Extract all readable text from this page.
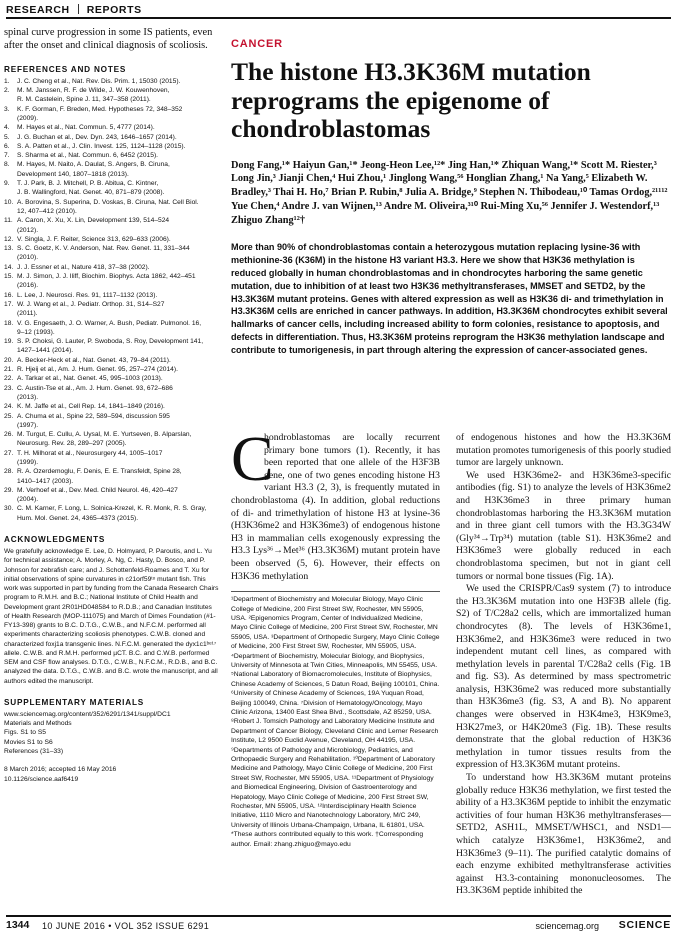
RESEARCH REPORTS

spinal curve progression in some IS patients, even after the onset and clinical diagnosis of scoliosis.

REFERENCES AND NOTES
1.	J. C. Cheng et al., Nat. Rev. Dis. Prim. 1, 15030 (2015).
2.	M. M. Janssen, R. F. de Wilde, J. W. Kouwenhoven,
R. M. Castelein, Spine J. 11, 347–358 (2011).
3.	K. F. Gorman, F. Breden, Med. Hypotheses 72, 348–352
(2009).
4.	M. Hayes et al., Nat. Commun. 5, 4777 (2014).
5.	J. G. Buchan et al., Dev. Dyn. 243, 1646–1657 (2014).
6.	S. A. Patten et al., J. Clin. Invest. 125, 1124–1128 (2015).
7.	S. Sharma et al., Nat. Commun. 6, 6452 (2015).
8.	M. Hayes, M. Naito, A. Daulat, S. Angers, B. Ciruna,
Development 140, 1807–1818 (2013).
9.	T. J. Park, B. J. Mitchell, P. B. Abitua, C. Kintner,
J. B. Wallingford, Nat. Genet. 40, 871–879 (2008).
10. A. Borovina, S. Superina, D. Voskas, B. Ciruna, Nat. Cell Biol.
12, 407–412 (2010).
11. A. Caron, X. Xu, X. Lin, Development 139, 514–524
(2012).
12. V. Singla, J. F. Reiter, Science 313, 629–633 (2006).
13. S. C. Goetz, K. V. Anderson, Nat. Rev. Genet. 11, 331–344
(2010).
14. J. J. Essner et al., Nature 418, 37–38 (2002).
15. M. J. Simon, J. J. Iliff, Biochim. Biophys. Acta 1862, 442–451
(2016).
16. L. Lee, J. Neurosci. Res. 91, 1117–1132 (2013).
17. W. J. Wang et al., J. Pediatr. Orthop. 31, S14–S27
(2011).
18. V. G. Engesaeth, J. O. Warner, A. Bush, Pediatr. Pulmonol. 16,
9–12 (1993).
19. S. P. Choksi, G. Lauter, P. Swoboda, S. Roy, Development 141,
1427–1441 (2014).
20. A. Becker-Heck et al., Nat. Genet. 43, 79–84 (2011).
21. R. Hjeij et al., Am. J. Hum. Genet. 95, 257–274 (2014).
22. A. Tarkar et al., Nat. Genet. 45, 995–1003 (2013).
23. C. Austin-Tse et al., Am. J. Hum. Genet. 93, 672–686
(2013).
24. K. M. Jaffe et al., Cell Rep. 14, 1841–1849 (2016).
25. A. Chuma et al., Spine 22, 589–594, discussion 595
(1997).
26. M. Turgut, E. Cullu, A. Uysal, M. E. Yurtseven, B. Alparslan,
Neurosurg. Rev. 28, 289–297 (2005).
27. T. H. Milhorat et al., Neurosurgery 44, 1005–1017
(1999).
28. R. A. Ozerdemoglu, F. Denis, E. E. Transfeldt, Spine 28,
1410–1417 (2003).
29. M. Verhoef et al., Dev. Med. Child Neurol. 46, 420–427
(2004).
30. C. M. Karner, F. Long, L. Solnica-Krezel, K. R. Monk, R. S. Gray,
Hum. Mol. Genet. 24, 4365–4373 (2015).
ACKNOWLEDGMENTS

We gratefully acknowledge E. Lee, D. Holmyard, P. Paroutis, and L. Yu for technical assistance; A. Morley, A. Ng, C. Hasty, D. Bosco, and P. Johnson for zebrafish care; and J. Schottenfeld-Roames and T. Xu for initial observations of spine curvatures in c21orf59ᵗᵒ mutant fish. This work was supported in part by funding from the Canada Research Chairs program to R.M.H. and B.C.; National Institute of Child Health and Development grant 2R01HD048584 to R.D.B.; and Canadian Institutes of Health Research (MOP-111075) and March of Dimes Foundation (#1-FY13-398) grants to B.C. D.T.G., C.W.B., and N.F.C.M. performed all experiments characterizing scoliosis phenotypes. C.W.B. cloned and characterized foxj1a transgenic lines. N.F.C.M. generated the dyx1c1ᵇᵉ¹⁷ allele. C.W.B. and R.M.H. performed µCT. B.C. and C.W.B. performed SEM and CSF flow analyses. D.T.G., C.W.B., N.F.C.M., R.D.B., and B.C. analyzed the data. D.T.G., C.W.B. and B.C. wrote the manuscript, and all authors edited the manuscript.

SUPPLEMENTARY MATERIALS
www.sciencemag.org/content/352/6291/1341/suppl/DC1
Materials and Methods
Figs. S1 to S5
Movies S1 to S6
References (31–33)
8 March 2016; accepted 16 May 2016
10.1126/science.aaf6419
CANCER
The histone H3.3K36M mutation reprograms the epigenome of chondroblastomas
Dong Fang,¹* Haiyun Gan,¹* Jeong-Heon Lee,¹²* Jing Han,¹* Zhiquan Wang,¹* Scott M. Riester,³ Long Jin,³ Jianji Chen,⁴ Hui Zhou,¹ Jinglong Wang,⁵⁶ Honglian Zhang,¹ Na Yang,⁵ Elizabeth W. Bradley,³ Thai H. Ho,⁷ Brian P. Rubin,⁸ Julia A. Bridge,⁹ Stephen N. Thibodeau,¹⁰ Tamas Ordog,²¹¹¹² Yue Chen,⁴ Andre J. van Wijnen,¹³ Andre M. Oliveira,³¹⁰ Rui-Ming Xu,⁵⁶ Jennifer J. Westendorf,¹³ Zhiguo Zhang¹²†
More than 90% of chondroblastomas contain a heterozygous mutation replacing lysine-36 with methionine-36 (K36M) in the histone H3 variant H3.3. Here we show that H3K36 methylation is reduced globally in human chondroblastomas and in chondrocytes harboring the same genetic mutation, due to inhibition of at least two H3K36 methyltransferases, MMSET and SETD2, by the H3.3K36M mutant proteins. Genes with altered expression as well as H3K36 di- and trimethylation in H3.3K36M cells are enriched in cancer pathways. In addition, H3.3K36M chondrocytes exhibit several hallmarks of cancer cells, including increased ability to form colonies, resistance to apoptosis, and defects in differentiation. Thus, H3.3K36M proteins reprogram the H3K36 methylation landscape and contribute to tumorigenesis, in part through altering the expression of cancer-associated genes.

C
hondroblastomas are locally recurrent primary bone tumors (1). Recently, it has been reported that one allele of the H3F3B gene, one of two genes encoding histone H3 variant H3.3 (2, 3), is frequently mutated in chondroblastoma (4). In addition, global reductions of di- and trimethylation of histone H3 at lysine-36 (H3K36me2 and H3K36me3) of endogenous histone H3 in mammalian cells exogenously expressing the H3.3 Lys³⁶→Met³⁶ (H3.3K36M) mutant protein have been observed (5, 6). However, their effects on H3K36 methylation

¹Department of Biochemistry and Molecular Biology, Mayo Clinic College of Medicine, 200 First Street SW, Rochester, MN 55905, USA. ²Epigenomics Program, Center of Individualized Medicine, Mayo Clinic College of Medicine, 200 First Street SW, Rochester, MN 55905, USA. ³Department of Orthopedic Surgery, Mayo Clinic College of Medicine, 200 First Street SW, Rochester, MN 55905, USA. ⁴Department of Biochemistry, Molecular Biology, and Biophysics, University of Minnesota at Twin Cities, Minneapolis, MN 55455, USA. ⁵National Laboratory of Biomacromolecules, Institute of Biophysics, Chinese Academy of Sciences, 5 Datun Road, Beijing 100101, China. ⁶University of Chinese Academy of Sciences, 19A Yuquan Road, Beijing 100049, China. ⁷Division of Hematology/Oncology, Mayo Clinic Arizona, 13400 East Shea Blvd., Scottsdale, AZ 85259, USA. ⁸Robert J. Tomsich Pathology and Laboratory Medicine Institute and Department of Cancer Biology, Cleveland Clinic and Lerner Research Institute, L2 9500 Euclid Avenue, Cleveland, OH 44195, USA. ⁹Departments of Pathology and Microbiology, Pediatrics, and Orthopaedic Surgery and Rehabilitation. ¹⁰Department of Laboratory Medicine and Pathology, Mayo Clinic College of Medicine, 200 First Street SW, Rochester, MN 55905, USA. ¹¹Department of Physiology and Biomedical Engineering, Division of Gastroenterology and Hepatology, Mayo Clinic College of Medicine, 200 First Street SW, Rochester, MN 55905, USA. ¹²Interdisciplinary Health Science Initiative, 1110 Micro and Nanotechnology Laboratory, M/C 249, University of Illinois Urbana-Champaign, Urbana, IL 61801, USA. *These authors contributed equally to this work. †Corresponding author. Email: zhang.zhiguo@mayo.edu

of endogenous histones and how the H3.3K36M mutation promotes tumorigenesis of this poorly studied tumor are largely unknown.

We used H3K36me2- and H3K36me3-specific antibodies (fig. S1) to analyze the levels of H3K36me2 and H3K36me3 in three primary human chondroblastomas harboring the H3.3K36M mutation and in three giant cell tumors with the H3.3G34W (Gly³⁴→Trp³⁴) mutation (table S1). H3K36me2 and H3K36me3 were globally reduced in each chondroblastoma specimen, but not in giant cell tumors or normal bone tissues (Fig. 1A).

We used the CRISPR/Cas9 system (7) to introduce the H3.3K36M mutation into one H3F3B allele (fig. S2) of T/C28a2 cells, which are immortalized human chondrocytes (8). The levels of H3K36me1, H3K36me2, and H3K36me3 were reduced in two independent mutant cell lines, as compared with methylation levels in parental T/C28a2 cells (Fig. 1B and fig. S3). As determined by mass spectrometric analysis, H3K36me2 was reduced more substantially than H3K36me3 (fig. S3, A and B). No apparent changes were observed in H3K4me3, H3K9me3, H3K27me3, or H4K20me3 (Fig. 1B). These results demonstrate that the global reduction of H3K36 methylation in tumor tissues results from the expression of H3.3K36M mutant proteins.

To understand how H3.3K36M mutant proteins globally reduce H3K36 methylation, we first tested the ability of a H3.3K36M peptide to inhibit the enzymatic activities of four human H3K36 methyltransferases—SETD2, ASH1L, MMSET/WHSC1, and NSD1—which catalyze H3K36me1, H3K36me2, and H3K36me3 (9–11). The purified catalytic domains of each enzyme exhibited methyltransferase activities against H3.3-containing mononucleosomes. The H3.3K36M peptide inhibited the

1344 10 JUNE 2016 • VOL 352 ISSUE 6291	sciencemag.org SCIENCE
